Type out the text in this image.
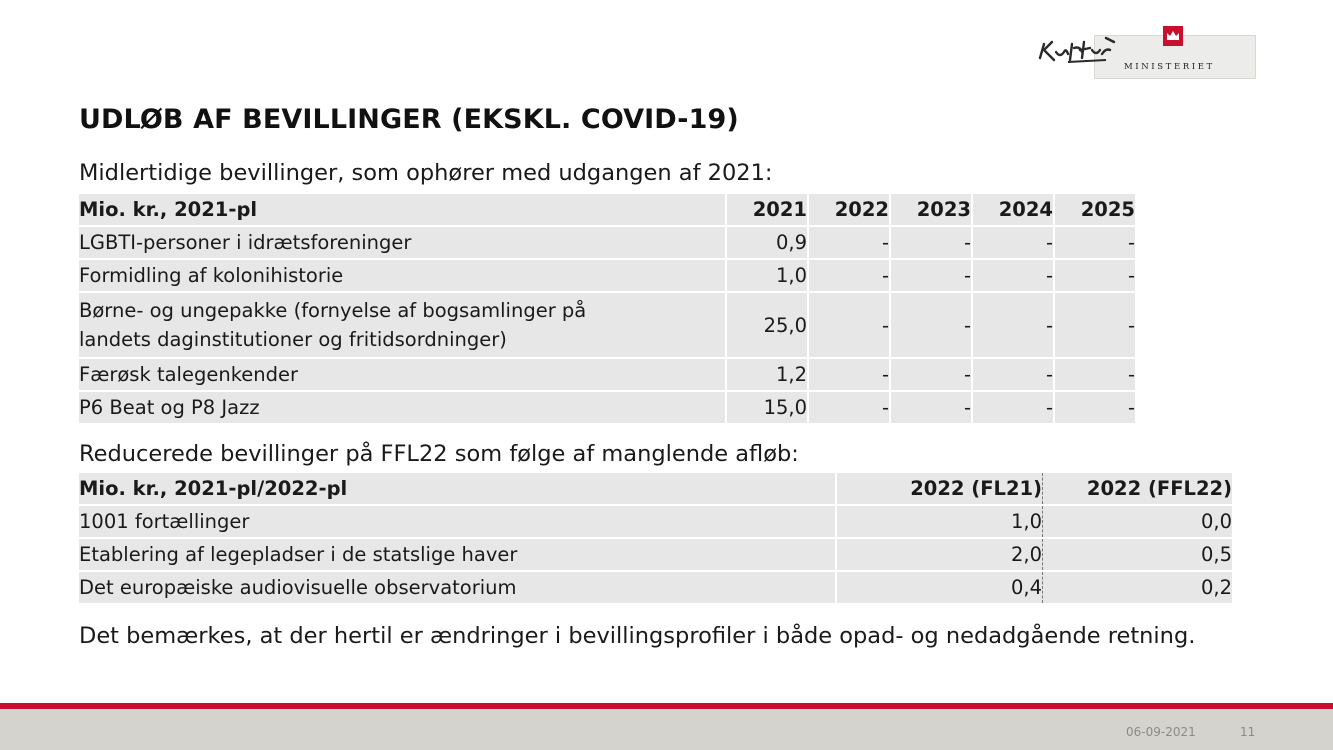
MINISTERIET
UDLØB AF BEVILLINGER (EKSKL. COVID-19)
Midlertidige bevillinger, som ophører med udgangen af 2021:
Mio. kr., 2021-pl	2021	2022	2023	2024	2025
LGBTI-personer i idrætsforeninger	0,9	-	-	-	-
Formidling af kolonihistorie	1,0	-	-	-	-
Børne- og ungepakke (fornyelse af bogsamlinger på
landets daginstitutioner og fritidsordninger)	25,0	-	-	-	-
Færøsk talegenkender	1,2	-	-	-	-
P6 Beat og P8 Jazz	15,0	-	-	-	-
Reducerede bevillinger på FFL22 som følge af manglende afløb:
Mio. kr., 2021-pl/2022-pl	2022 (FL21)	2022 (FFL22)
1001 fortællinger	1,0	0,0
Etablering af legepladser i de statslige haver	2,0	0,5
Det europæiske audiovisuelle observatorium	0,4	0,2
Det bemærkes, at der hertil er ændringer i bevillingsprofiler i både opad- og nedadgående retning.
06-09-2021	11
